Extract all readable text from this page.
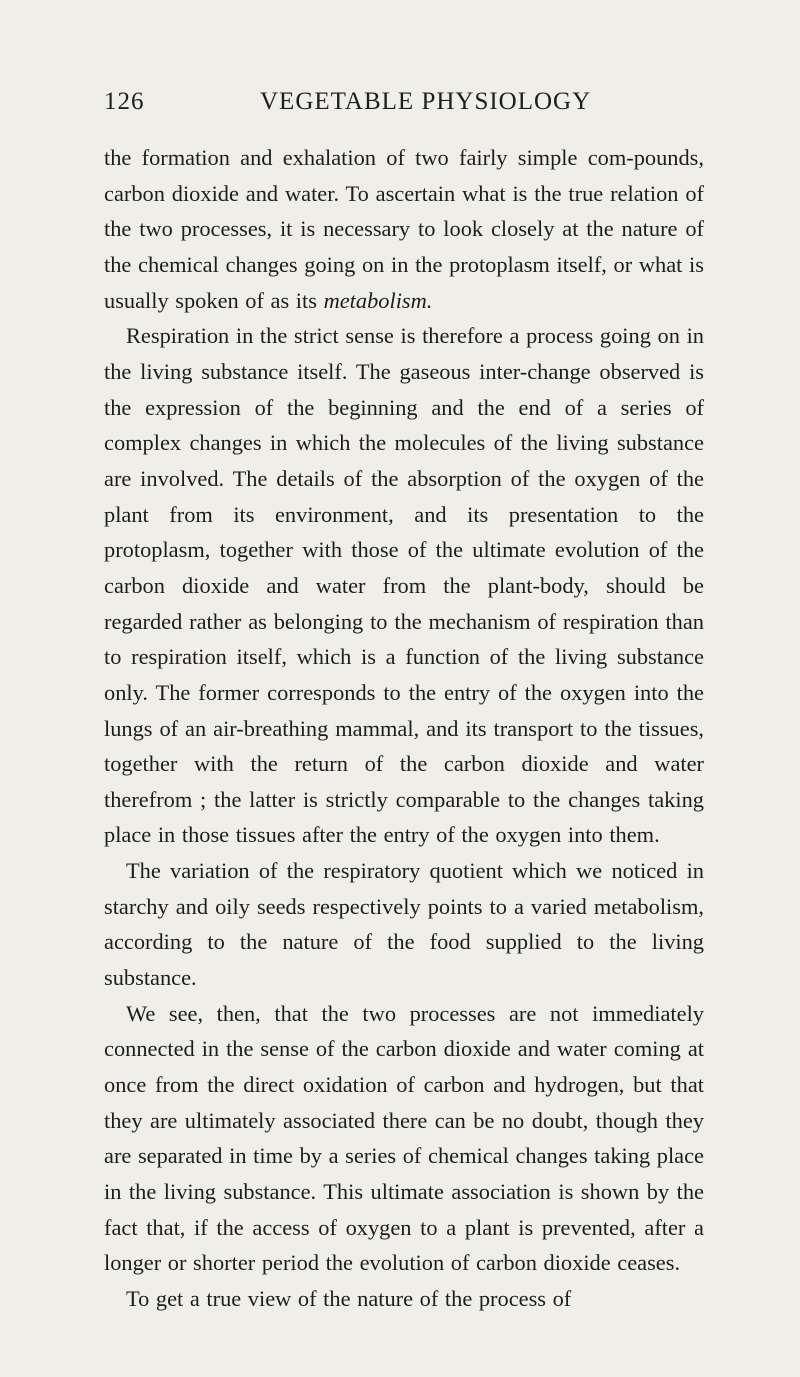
126	VEGETABLE PHYSIOLOGY

the formation and exhalation of two fairly simple com-pounds, carbon dioxide and water. To ascertain what is the true relation of the two processes, it is necessary to look closely at the nature of the chemical changes going on in the protoplasm itself, or what is usually spoken of as its metabolism.

Respiration in the strict sense is therefore a process going on in the living substance itself. The gaseous inter-change observed is the expression of the beginning and the end of a series of complex changes in which the molecules of the living substance are involved. The details of the absorption of the oxygen of the plant from its environment, and its presentation to the protoplasm, together with those of the ultimate evolution of the carbon dioxide and water from the plant-body, should be regarded rather as belonging to the mechanism of respiration than to respiration itself, which is a function of the living substance only. The former corresponds to the entry of the oxygen into the lungs of an air-breathing mammal, and its transport to the tissues, together with the return of the carbon dioxide and water therefrom ; the latter is strictly comparable to the changes taking place in those tissues after the entry of the oxygen into them.

The variation of the respiratory quotient which we noticed in starchy and oily seeds respectively points to a varied metabolism, according to the nature of the food supplied to the living substance.

We see, then, that the two processes are not immediately connected in the sense of the carbon dioxide and water coming at once from the direct oxidation of carbon and hydrogen, but that they are ultimately associated there can be no doubt, though they are separated in time by a series of chemical changes taking place in the living substance. This ultimate association is shown by the fact that, if the access of oxygen to a plant is prevented, after a longer or shorter period the evolution of carbon dioxide ceases.

To get a true view of the nature of the process of
